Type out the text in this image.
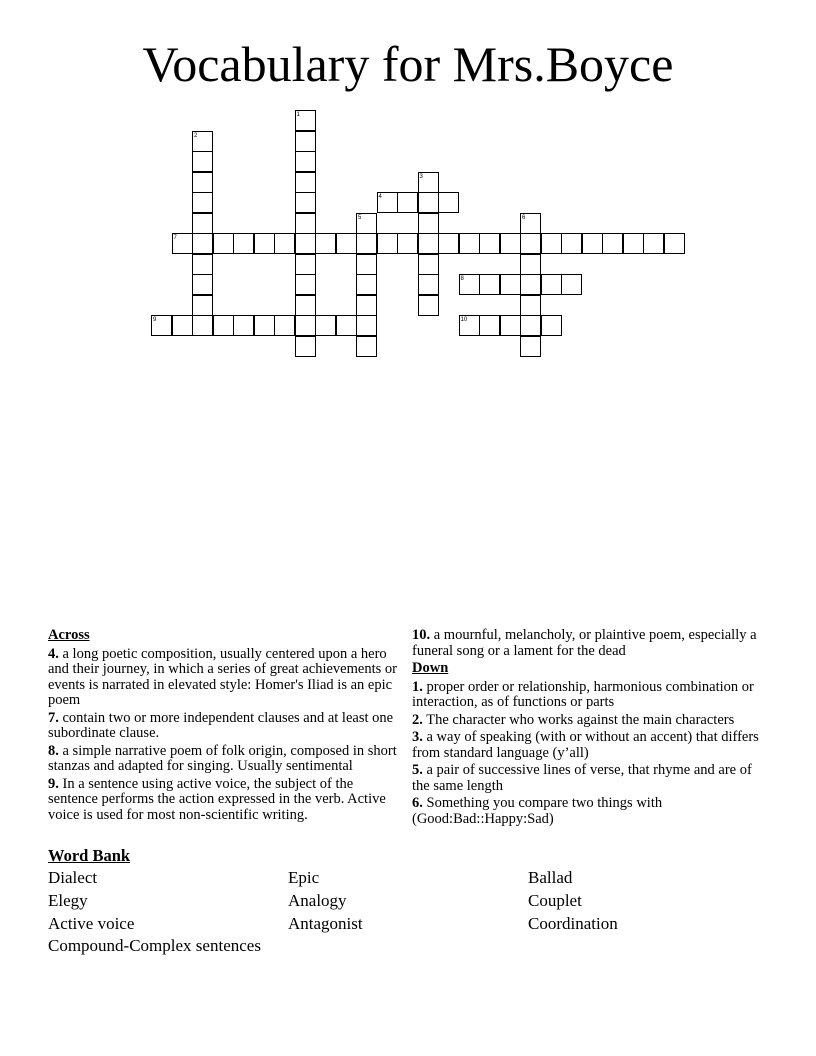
Vocabulary for Mrs.Boyce
1
2
3
4
5	6
7
8
9	10
Across
4. a long poetic composition, usually centered upon a hero and their journey, in which a series of great achievements or events is narrated in elevated style: Homer's Iliad is an epic poem
7. contain two or more independent clauses and at least one subordinate clause.
8. a simple narrative poem of folk origin, composed in short stanzas and adapted for singing. Usually sentimental
9. In a sentence using active voice, the subject of the sentence performs the action expressed in the verb. Active voice is used for most non-scientific writing.
10. a mournful, melancholy, or plaintive poem, especially a funeral song or a lament for the dead
Down
1. proper order or relationship, harmonious combination or interaction, as of functions or parts
2. The character who works against the main characters
3. a way of speaking (with or without an accent) that differs from standard language (y’all)
5. a pair of successive lines of verse, that rhyme and are of the same length
6. Something you compare two things with (Good:Bad::Happy:Sad)
Word Bank
Dialect	Epic	Ballad
Elegy	Analogy	Couplet
Active voice	Antagonist	Coordination
Compound-Complex sentences
